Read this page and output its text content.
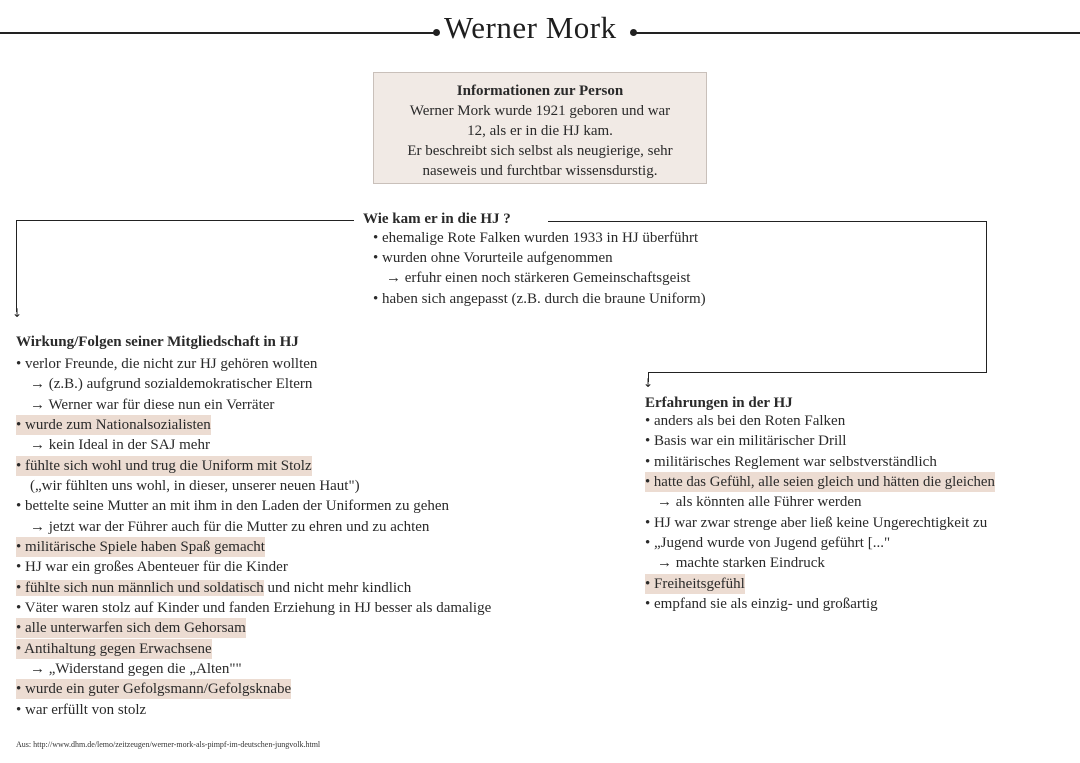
Werner Mork
Informationen zur Person
Werner Mork wurde 1921 geboren und war
12, als er in die HJ kam.
Er beschreibt sich selbst als neugierige, sehr
naseweis und furchtbar wissensdurstig.
↓
↓
Wie kam er in die HJ ?
• ehemalige Rote Falken wurden 1933 in HJ überführt
• wurden ohne Vorurteile aufgenommen
→ erfuhr einen noch stärkeren Gemeinschaftsgeist
• haben sich angepasst (z.B. durch die braune Uniform)
Wirkung/Folgen seiner Mitgliedschaft in HJ
• verlor Freunde, die nicht zur HJ gehören wollten
→ (z.B.) aufgrund sozialdemokratischer Eltern
→ Werner war für diese nun ein Verräter
• wurde zum Nationalsozialisten
→ kein Ideal in der SAJ mehr
• fühlte sich wohl und trug die Uniform mit Stolz
(„wir fühlten uns wohl, in dieser, unserer neuen Haut")
• bettelte seine Mutter an mit ihm in den Laden der Uniformen zu gehen
→ jetzt war der Führer auch für die Mutter zu ehren und zu achten
• militärische Spiele haben Spaß gemacht
• HJ war ein großes Abenteuer für die Kinder
• fühlte sich nun männlich und soldatisch und nicht mehr kindlich
• Väter waren stolz auf Kinder und fanden Erziehung in HJ besser als damalige
• alle unterwarfen sich dem Gehorsam
• Antihaltung gegen Erwachsene
→ „Widerstand gegen die „Alten""
• wurde ein guter Gefolgsmann/Gefolgsknabe
• war erfüllt von stolz
Erfahrungen in der HJ
• anders als bei den Roten Falken
• Basis war ein militärischer Drill
• militärisches Reglement war selbstverständlich
• hatte das Gefühl, alle seien gleich und hätten die gleichen
→ als könnten alle Führer werden
• HJ war zwar strenge aber ließ keine Ungerechtigkeit zu
• „Jugend wurde von Jugend geführt [..."
→ machte starken Eindruck
• Freiheitsgefühl
• empfand sie als einzig- und großartig
Aus: http://www.dhm.de/lemo/zeitzeugen/werner-mork-als-pimpf-im-deutschen-jungvolk.html
